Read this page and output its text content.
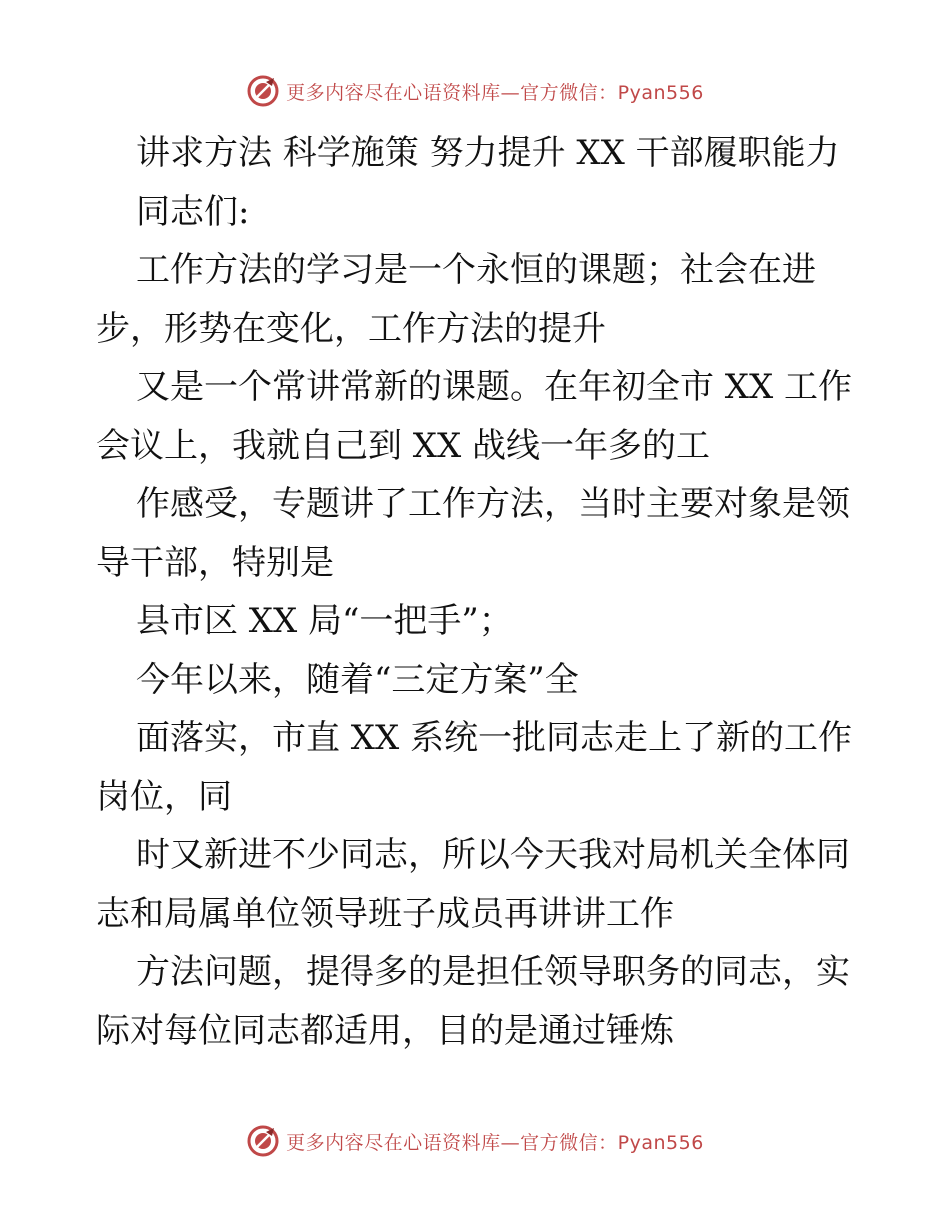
更多内容尽在心语资料库—官方微信：Pyan556

讲求方法 科学施策 努力提升 XX 干部履职能力

同志们:

工作方法的学习是一个永恒的课题；社会在进

步，形势在变化，工作方法的提升

又是一个常讲常新的课题。在年初全市 XX 工作

会议上，我就自己到 XX 战线一年多的工

作感受，专题讲了工作方法，当时主要对象是领

导干部，特别是

县市区 XX 局“一把手”；

今年以来，随着“三定方案”全

面落实，市直 XX 系统一批同志走上了新的工作

岗位，同

时又新进不少同志，所以今天我对局机关全体同

志和局属单位领导班子成员再讲讲工作

方法问题，提得多的是担任领导职务的同志，实

际对每位同志都适用，目的是通过锤炼

更多内容尽在心语资料库—官方微信：Pyan556
